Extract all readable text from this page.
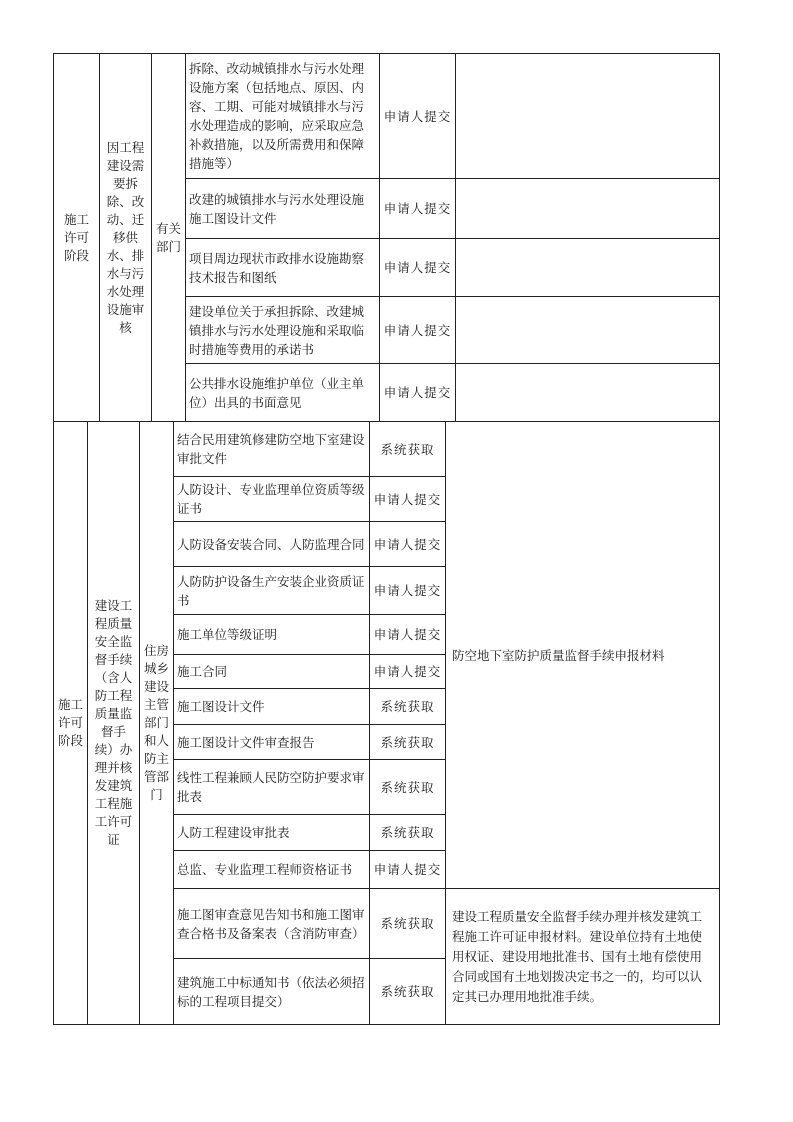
施工许可阶段	因工程建设需要拆除、改动、迁移供水、排水与污水处理设施审核	有关部门	拆除、改动城镇排水与污水处理设施方案（包括地点、原因、内容、工期、可能对城镇排水与污水处理造成的影响，应采取应急补救措施，以及所需费用和保障措施等）	申请人提交	
			改建的城镇排水与污水处理设施施工图设计文件	申请人提交	
			项目周边现状市政排水设施勘察技术报告和图纸	申请人提交	
			建设单位关于承担拆除、改建城镇排水与污水处理设施和采取临时措施等费用的承诺书	申请人提交	
			公共排水设施维护单位（业主单位）出具的书面意见	申请人提交	
施工许可阶段	建设工程质量安全监督手续（含人防工程质量监督手续）办理并核发建筑工程施工许可证	住房城乡建设主管部门和人防主管部门	结合民用建筑修建防空地下室建设审批文件	系统获取	防空地下室防护质量监督手续申报材料
			人防设计、专业监理单位资质等级证书	申请人提交	
			人防设备安装合同、人防监理合同	申请人提交	
			人防防护设备生产安装企业资质证书	申请人提交	
			施工单位等级证明	申请人提交	
			施工合同	申请人提交	
			施工图设计文件	系统获取	
			施工图设计文件审查报告	系统获取	
			线性工程兼顾人民防空防护要求审批表	系统获取	
			人防工程建设审批表	系统获取	
			总监、专业监理工程师资格证书	申请人提交	
			施工图审查意见告知书和施工图审查合格书及备案表（含消防审查）	系统获取	建设工程质量安全监督手续办理并核发建筑工程施工许可证申报材料。建设单位持有土地使用权证、建设用地批准书、国有土地有偿使用合同或国有土地划拨决定书之一的，均可以认定其已办理用地批准手续。
			建筑施工中标通知书（依法必须招标的工程项目提交）	系统获取	
